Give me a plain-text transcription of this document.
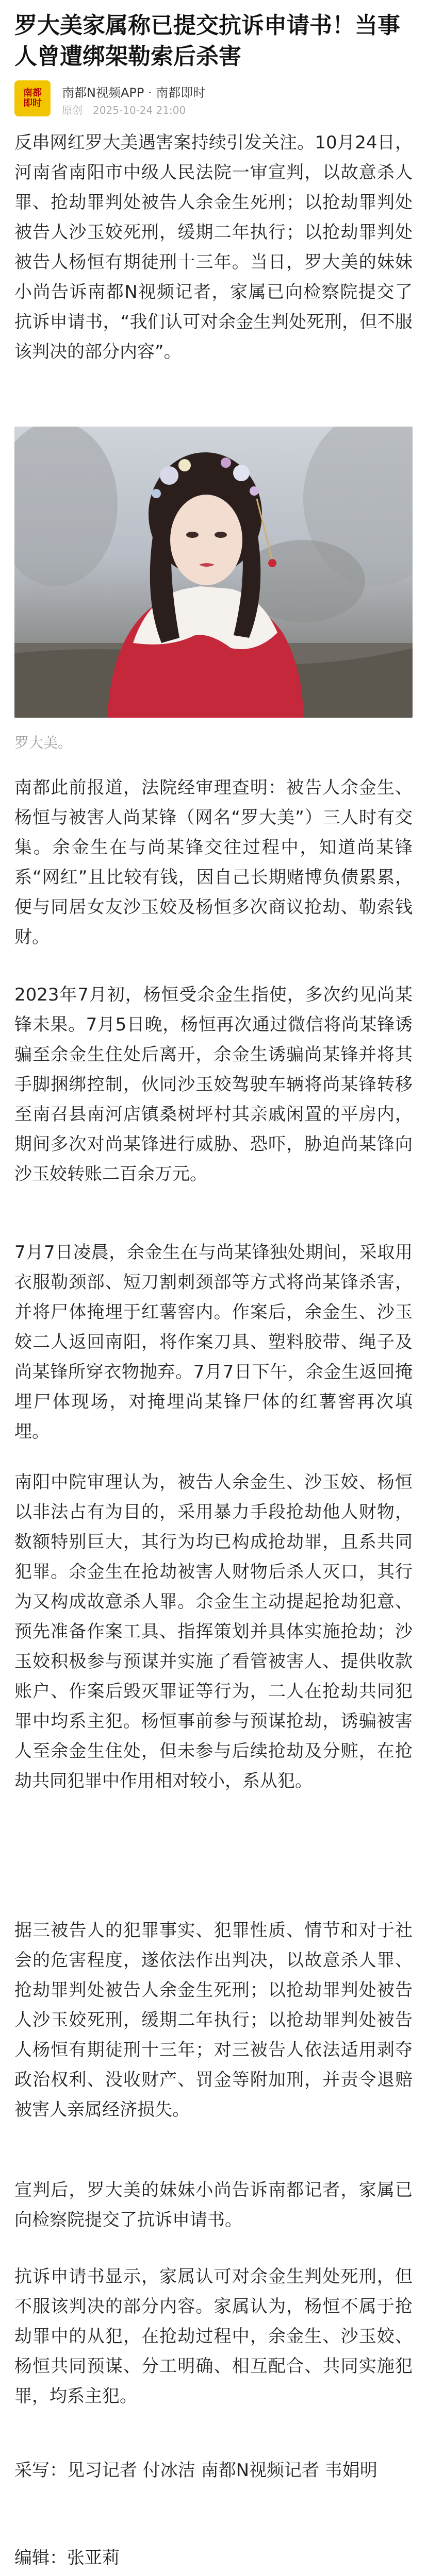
罗大美家属称已提交抗诉申请书！当事人曾遭绑架勒索后杀害
南都即时
南都N视频APP · 南都即时
原创 2025-10-24 21:00

反串网红罗大美遇害案持续引发关注。10月24日，河南省南阳市中级人民法院一审宣判，以故意杀人罪、抢劫罪判处被告人余金生死刑；以抢劫罪判处被告人沙玉姣死刑，缓期二年执行；以抢劫罪判处被告人杨恒有期徒刑十三年。当日，罗大美的妹妹小尚告诉南都N视频记者，家属已向检察院提交了抗诉申请书，“我们认可对余金生判处死刑，但不服该判决的部分内容”。

罗大美。

南都此前报道，法院经审理查明：被告人余金生、杨恒与被害人尚某锋（网名“罗大美”）三人时有交集。余金生在与尚某锋交往过程中，知道尚某锋系“网红”且比较有钱，因自己长期赌博负债累累，便与同居女友沙玉姣及杨恒多次商议抢劫、勒索钱财。

2023年7月初，杨恒受余金生指使，多次约见尚某锋未果。7月5日晚，杨恒再次通过微信将尚某锋诱骗至余金生住处后离开，余金生诱骗尚某锋并将其手脚捆绑控制，伙同沙玉姣驾驶车辆将尚某锋转移至南召县南河店镇桑树坪村其亲戚闲置的平房内，期间多次对尚某锋进行威胁、恐吓，胁迫尚某锋向沙玉姣转账二百余万元。

7月7日凌晨，余金生在与尚某锋独处期间，采取用衣服勒颈部、短刀割刺颈部等方式将尚某锋杀害，并将尸体掩埋于红薯窖内。作案后，余金生、沙玉姣二人返回南阳，将作案刀具、塑料胶带、绳子及尚某锋所穿衣物抛弃。7月7日下午，余金生返回掩埋尸体现场，对掩埋尚某锋尸体的红薯窖再次填埋。

南阳中院审理认为，被告人余金生、沙玉姣、杨恒以非法占有为目的，采用暴力手段抢劫他人财物，数额特别巨大，其行为均已构成抢劫罪，且系共同犯罪。余金生在抢劫被害人财物后杀人灭口，其行为又构成故意杀人罪。余金生主动提起抢劫犯意、预先准备作案工具、指挥策划并具体实施抢劫；沙玉姣积极参与预谋并实施了看管被害人、提供收款账户、作案后毁灭罪证等行为，二人在抢劫共同犯罪中均系主犯。杨恒事前参与预谋抢劫，诱骗被害人至余金生住处，但未参与后续抢劫及分赃，在抢劫共同犯罪中作用相对较小，系从犯。

据三被告人的犯罪事实、犯罪性质、情节和对于社会的危害程度，遂依法作出判决，以故意杀人罪、抢劫罪判处被告人余金生死刑；以抢劫罪判处被告人沙玉姣死刑，缓期二年执行；以抢劫罪判处被告人杨恒有期徒刑十三年；对三被告人依法适用剥夺政治权利、没收财产、罚金等附加刑，并责令退赔被害人亲属经济损失。

宣判后，罗大美的妹妹小尚告诉南都记者，家属已向检察院提交了抗诉申请书。

抗诉申请书显示，家属认可对余金生判处死刑，但不服该判决的部分内容。家属认为，杨恒不属于抢劫罪中的从犯，在抢劫过程中，余金生、沙玉姣、杨恒共同预谋、分工明确、相互配合、共同实施犯罪，均系主犯。

采写：见习记者 付冰洁 南都N视频记者 韦娟明

编辑：张亚莉
